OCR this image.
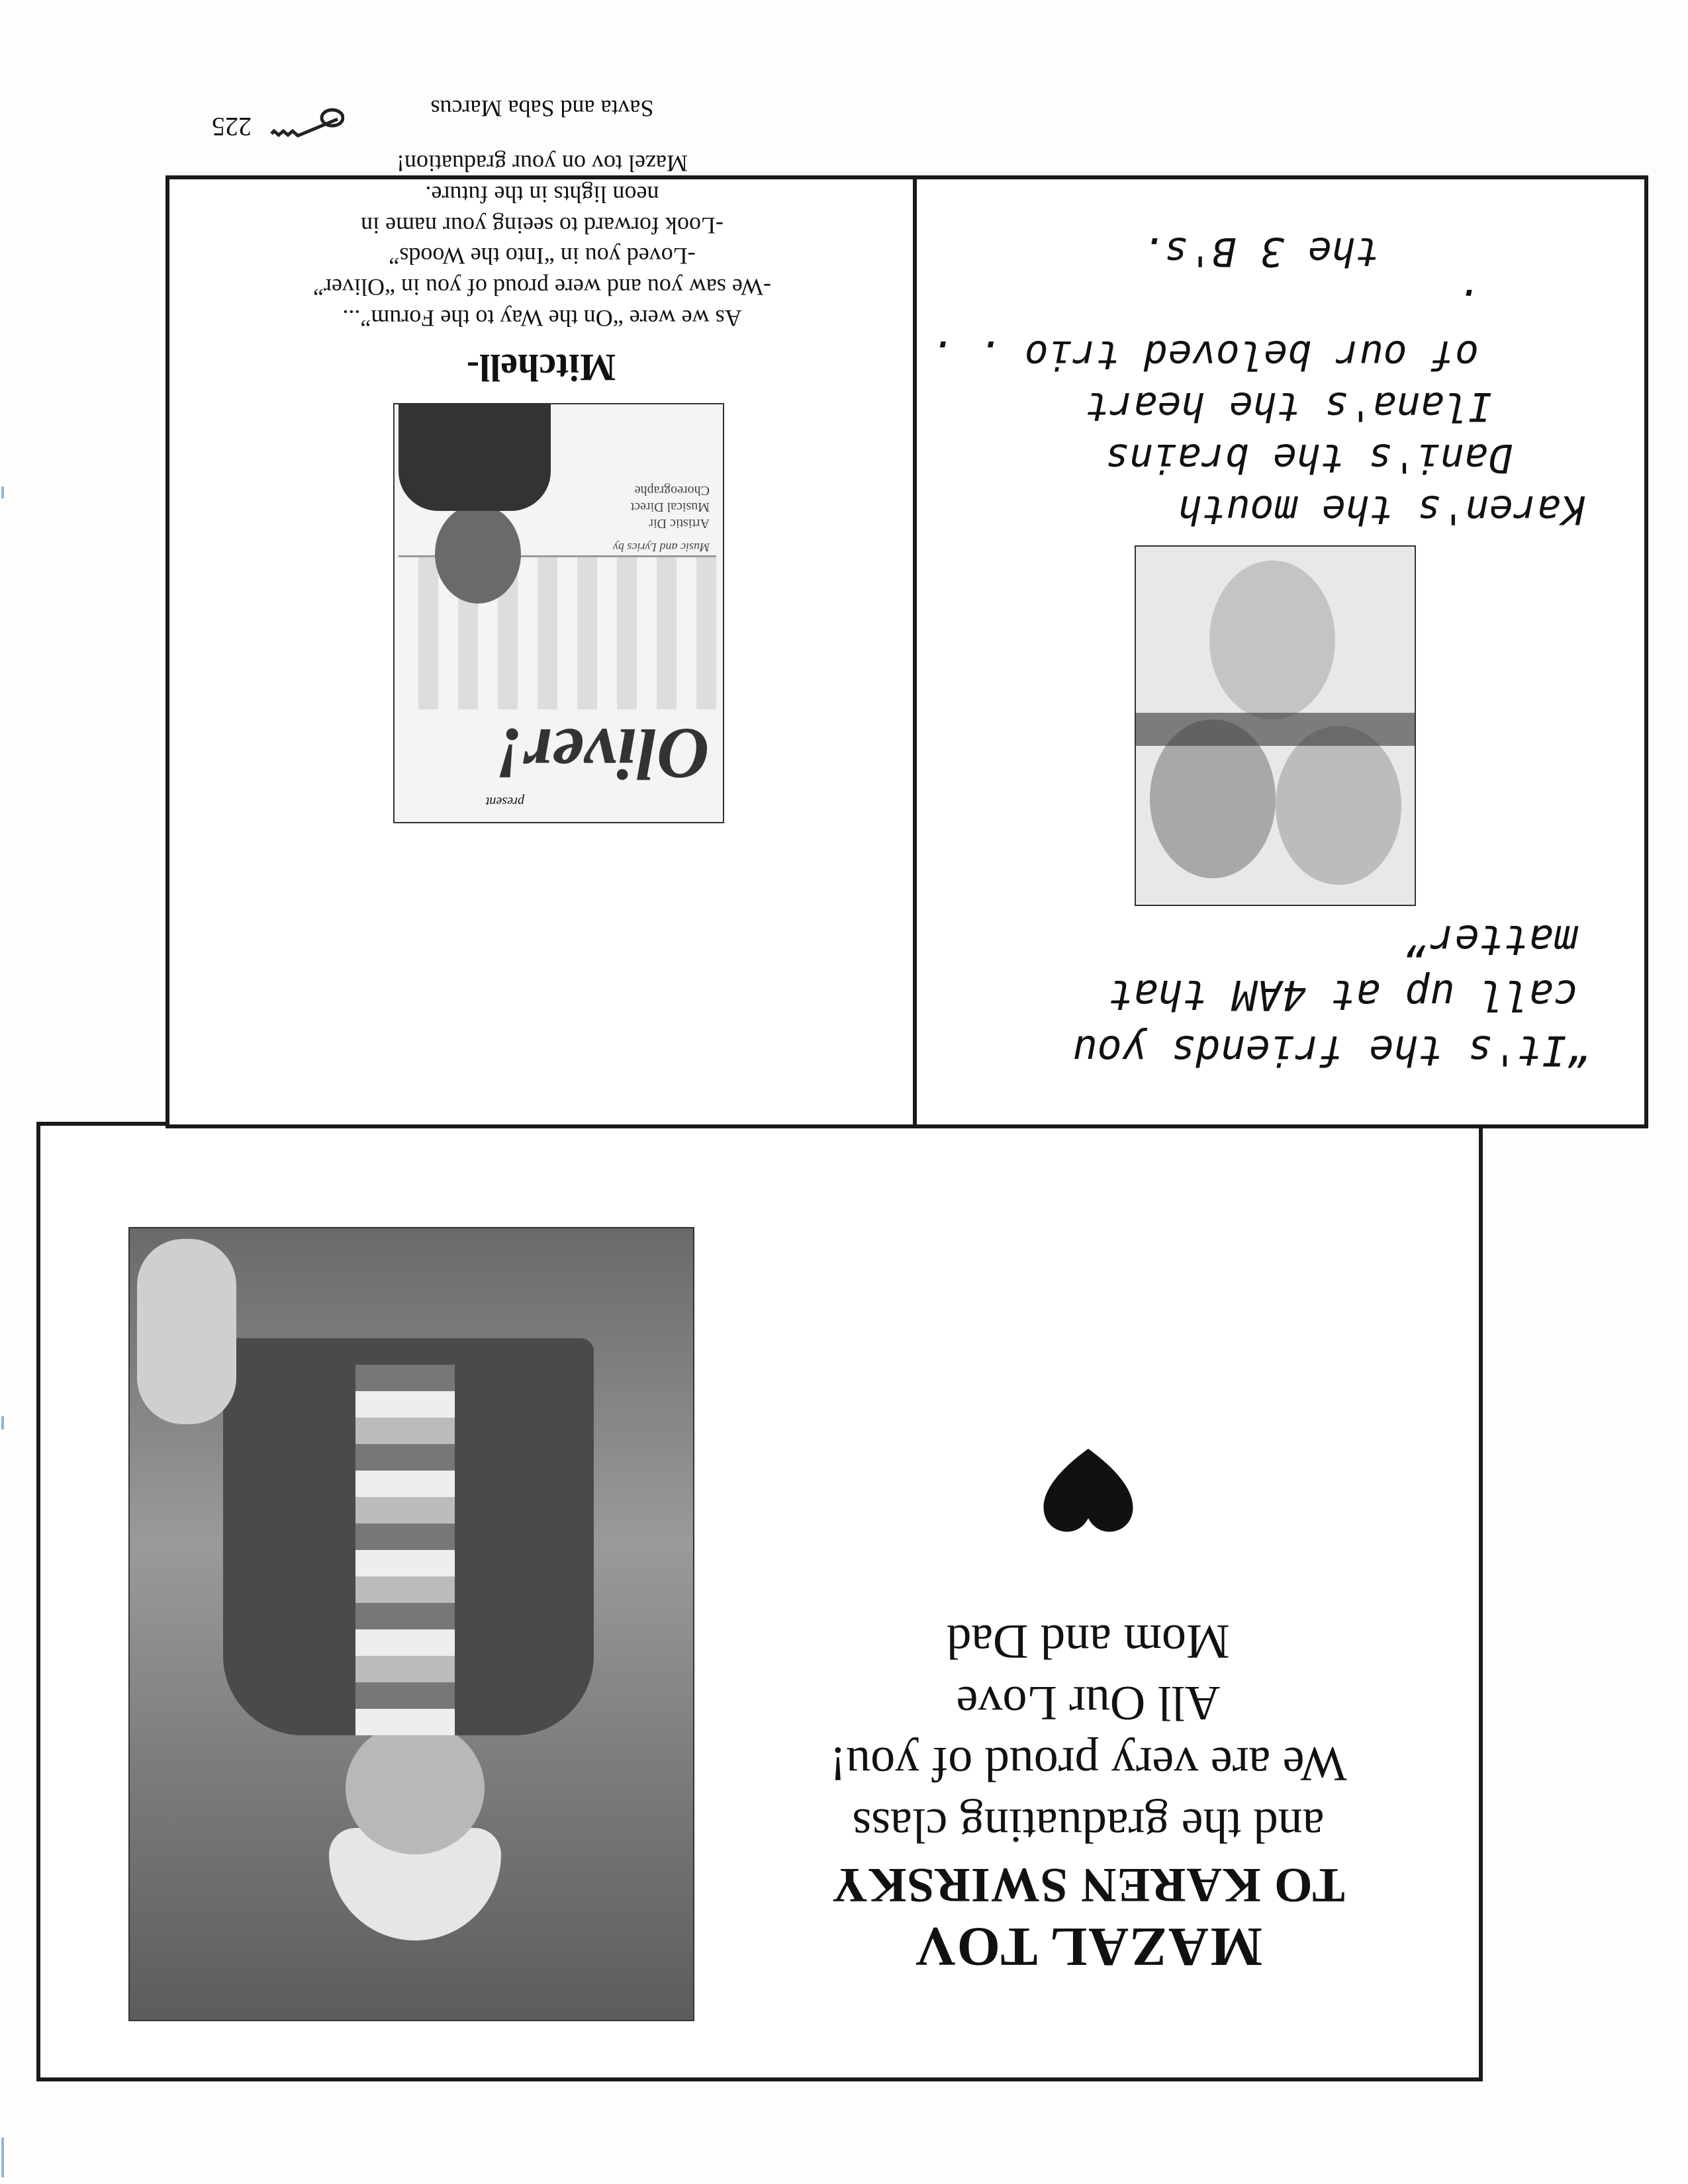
225
MAZAL TOV
TO KAREN SWIRSKY
and the graduating class
We are very proud of you!
All Our Love
Mom and Dad
“It's the friends you
call up at 4AM that
matter”
Karen's the mouth
Dani's the brains
Ilana's the heart
of our beloved trio . . .
the 3 B's.
present
Oliver!
Music and Lyrics by
Artistic Dir
Musical Direct
Choreographe
Mitchell-
As we were “On the Way to the Forum”...
-We saw you and were proud of you in “Oliver”
-Loved you in “Into the Woods”
-Look forward to seeing your name in
neon lights in the future.
Mazel tov on your graduation!
Savta and Saba Marcus
